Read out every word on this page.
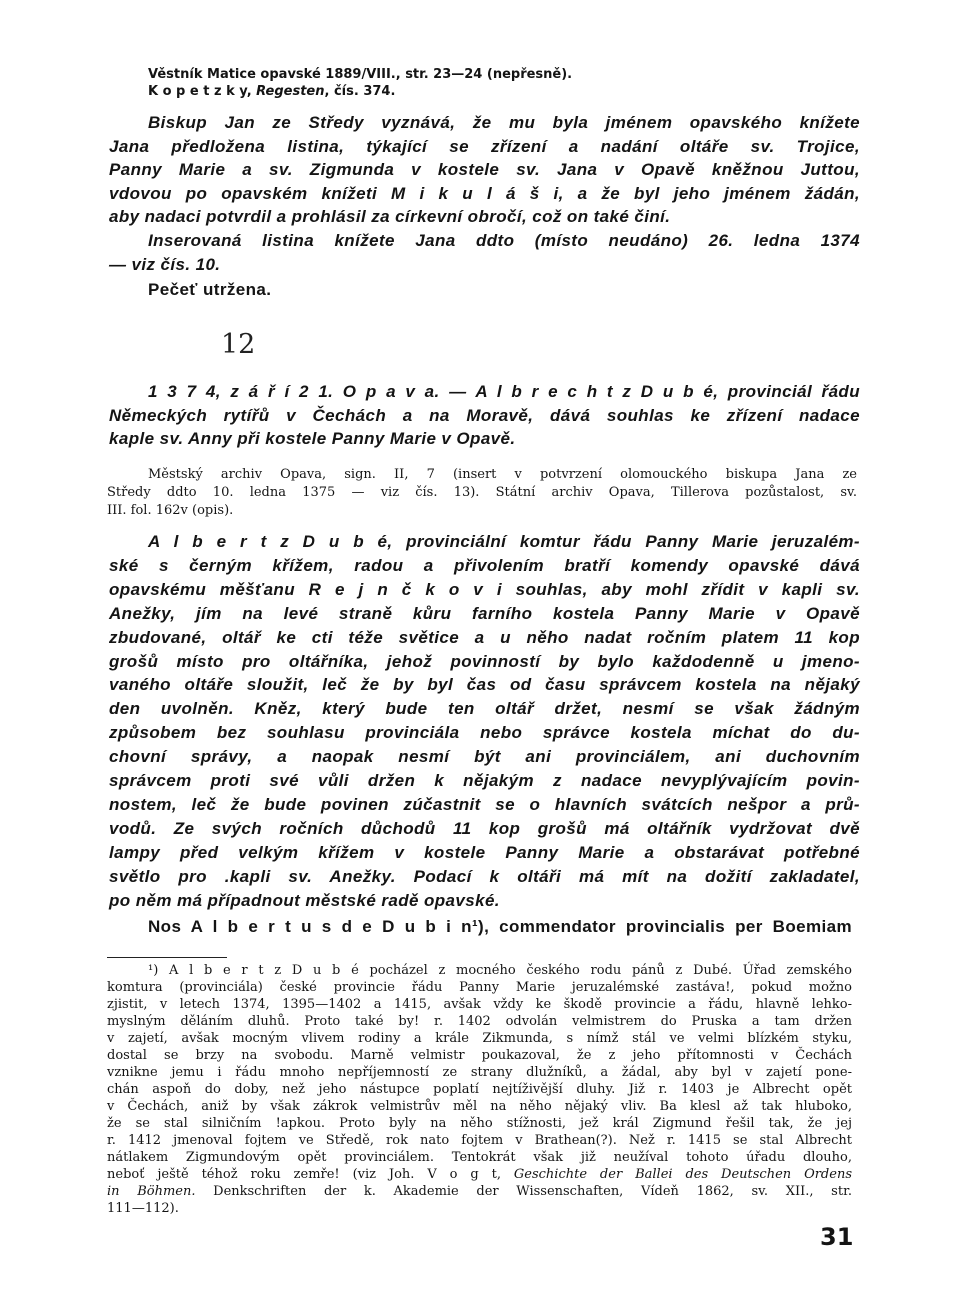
Věstník Matice opavské 1889/VIII., str. 23—24 (nepřesně).
K o p e t z k y, Regesten, čís. 374.
Biskup Jan ze Středy vyznává, že mu byla jménem opavského knížete
Jana předložena listina, týkající se zřízení a nadání oltáře sv. Trojice,
Panny Marie a sv. Zigmunda v kostele sv. Jana v Opavě kněžnou Juttou,
vdovou po opavském knížeti M i k u l á š i, a že byl jeho jménem žádán,
aby nadaci potvrdil a prohlásil za církevní obročí, což on také činí.
Inserovaná listina knížete Jana ddto (místo neudáno) 26. ledna 1374
— viz čís. 10.
Pečeť utržena.
12
1 3 7 4, z á ř í 2 1. O p a v a. — A l b r e c h t z D u b é, provinciál řádu
Německých rytířů v Čechách a na Moravě, dává souhlas ke zřízení nadace
kaple sv. Anny při kostele Panny Marie v Opavě.
Městský archiv Opava, sign. II, 7 (insert v potvrzení olomouckého biskupa Jana ze
Středy ddto 10. ledna 1375 — viz čís. 13). Státní archiv Opava, Tillerova pozůstalost, sv.
III. fol. 162v (opis).
A l b e r t z D u b é, provinciální komtur řádu Panny Marie jeruzalém-
ské s černým křížem, radou a přivolením bratří komendy opavské dává
opavskému měšťanu R e j n č k o v i souhlas, aby mohl zřídit v kapli sv.
Anežky, jím na levé straně kůru farního kostela Panny Marie v Opavě
zbudované, oltář ke cti téže světice a u něho nadat ročním platem 11 kop
grošů místo pro oltářníka, jehož povinností by bylo každodenně u jmeno-
vaného oltáře sloužit, leč že by byl čas od času správcem kostela na nějaký
den uvolněn. Kněz, který bude ten oltář držet, nesmí se však žádným
způsobem bez souhlasu provinciála nebo správce kostela míchat do du-
chovní správy, a naopak nesmí být ani provinciálem, ani duchovním
správcem proti své vůli držen k nějakým z nadace nevyplývajícím povin-
nostem, leč že bude povinen zúčastnit se o hlavních svátcích nešpor a prů-
vodů. Ze svých ročních důchodů 11 kop grošů má oltářník vydržovat dvě
lampy před velkým křížem v kostele Panny Marie a obstarávat potřebné
světlo pro .kapli sv. Anežky. Podací k oltáři má mít na dožití zakladatel,
po něm má případnout městské radě opavské.
Nos A l b e r t u s d e D u b i n¹), commendator provincialis per Boemiam
¹) A l b e r t z D u b é pocházel z mocného českého rodu pánů z Dubé. Úřad zemského
komtura (provinciála) české provincie řádu Panny Marie jeruzalémské zastáva!, pokud možno
zjistit, v letech 1374, 1395—1402 a 1415, avšak vždy ke škodě provincie a řádu, hlavně lehko-
myslným děláním dluhů. Proto také by! r. 1402 odvolán velmistrem do Pruska a tam držen
v zajetí, avšak mocným vlivem rodiny a krále Zikmunda, s nímž stál ve velmi blízkém styku,
dostal se brzy na svobodu. Marně velmistr poukazoval, že z jeho přítomnosti v Čechách
vznikne jemu i řádu mnoho nepříjemností ze strany dlužníků, a žádal, aby byl v zajetí pone-
chán aspoň do doby, než jeho nástupce poplatí nejtíživější dluhy. Již r. 1403 je Albrecht opět
v Čechách, aniž by však zákrok velmistrův měl na něho nějaký vliv. Ba klesl až tak hluboko,
že se stal silničním !apkou. Proto byly na něho stížnosti, jež král Zigmund řešil tak, že jej
r. 1412 jmenoval fojtem ve Středě, rok nato fojtem v Brathean(?). Než r. 1415 se stal Albrecht
nátlakem Zigmundovým opět provinciálem. Tentokrát však již neužíval tohoto úřadu dlouho,
neboť ještě téhož roku zemře! (viz Joh. V o g t, Geschichte der Ballei des Deutschen Ordens
in Böhmen. Denkschriften der k. Akademie der Wissenschaften, Vídeň 1862, sv. XII., str.
111—112).
31
